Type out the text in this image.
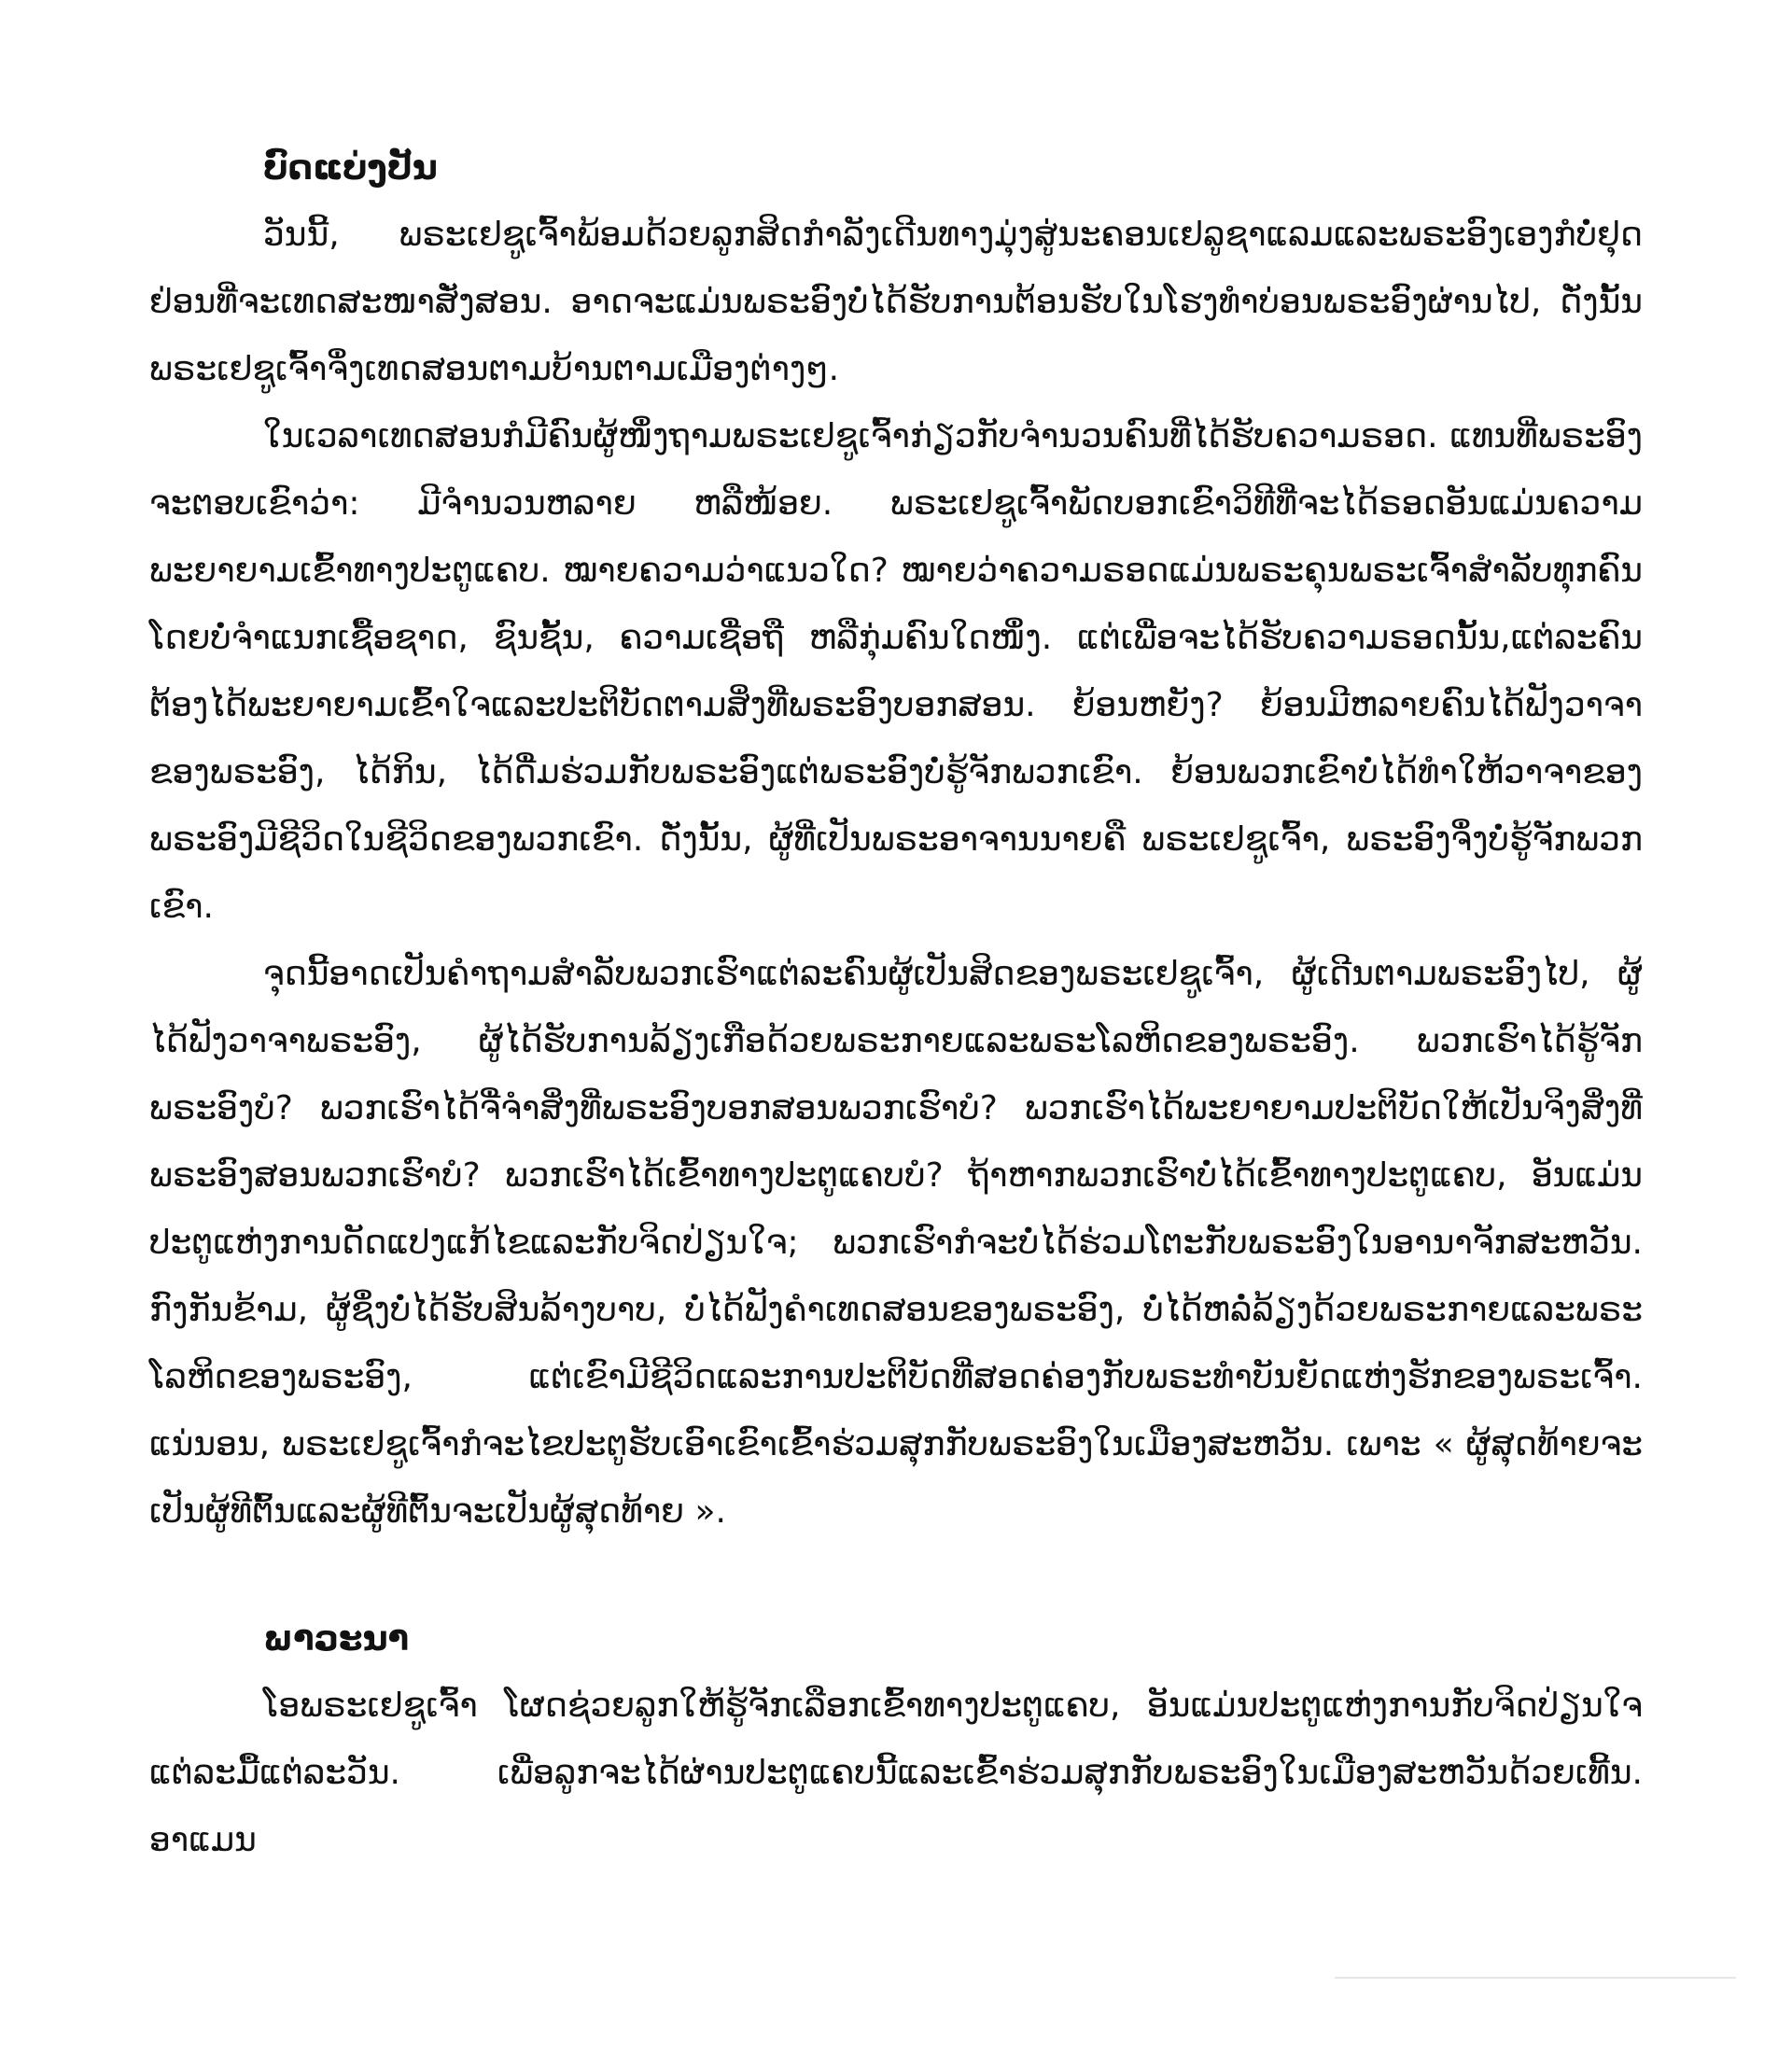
ບົດແບ່ງປັນ

ວັນນີ້, ພຣະເຢຊູເຈົ້າພ້ອມດ້ວຍລູກສິດກຳລັງເດີນທາງມຸ່ງສູ່ນະຄອນເຢລູຊາແລມແລະພຣະອົງເອງກໍບໍ່ຢຸດຢ່ອນທີ່ຈະເທດສະໜາສັ່ງສອນ. ອາດຈະແມ່ນພຣະອົງບໍ່ໄດ້ຮັບການຕ້ອນຮັບໃນໂຮງທຳບ່ອນພຣະອົງຜ່ານໄປ, ດັ່ງນັ້ນພຣະເຢຊູເຈົ້າຈຶ່ງເທດສອນຕາມບ້ານຕາມເມືອງຕ່າງໆ.

ໃນເວລາເທດສອນກໍມີຄົນຜູ້ໜຶ່ງຖາມພຣະເຢຊູເຈົ້າກ່ຽວກັບຈຳນວນຄົນທີ່ໄດ້ຮັບຄວາມຣອດ. ແທນທີ່ພຣະອົງຈະຕອບເຂົາວ່າ: ມີຈຳນວນຫລາຍ ຫລືໜ້ອຍ. ພຣະເຢຊູເຈົ້າພັດບອກເຂົາວິທີທີ່ຈະໄດ້ຣອດອັນແມ່ນຄວາມພະຍາຍາມເຂົ້າທາງປະຕູແຄບ. ໝາຍຄວາມວ່າແນວໃດ? ໝາຍວ່າຄວາມຣອດແມ່ນພຣະຄຸນພຣະເຈົ້າສຳລັບທຸກຄົນໂດຍບໍ່ຈຳແນກເຊື້ອຊາດ, ຊົນຊັ້ນ, ຄວາມເຊື່ອຖື ຫລືກຸ່ມຄົນໃດໜຶ່ງ. ແຕ່ເພື່ອຈະໄດ້ຮັບຄວາມຣອດນັ້ນ,ແຕ່ລະຄົນຕ້ອງໄດ້ພະຍາຍາມເຂົ້າໃຈແລະປະຕິບັດຕາມສິ່ງທີ່ພຣະອົງບອກສອນ. ຍ້ອນຫຍັງ? ຍ້ອນມີຫລາຍຄົນໄດ້ຟັງວາຈາຂອງພຣະອົງ, ໄດ້ກິນ, ໄດ້ດື່ມຮ່ວມກັບພຣະອົງແຕ່ພຣະອົງບໍ່ຮູ້ຈັກພວກເຂົາ. ຍ້ອນພວກເຂົາບໍ່ໄດ້ທຳໃຫ້ວາຈາຂອງພຣະອົງມີຊີວິດໃນຊີວິດຂອງພວກເຂົາ. ດັ່ງນັ້ນ, ຜູ້ທີ່ເປັນພຣະອາຈານນາຍຄື ພຣະເຢຊູເຈົ້າ, ພຣະອົງຈຶ່ງບໍ່ຮູ້ຈັກພວກເຂົາ.

ຈຸດນີ້ອາດເປັນຄຳຖາມສຳລັບພວກເຮົາແຕ່ລະຄົນຜູ້ເປັນສິດຂອງພຣະເຢຊູເຈົ້າ, ຜູ້ເດີນຕາມພຣະອົງໄປ, ຜູ້ໄດ້ຟັງວາຈາພຣະອົງ, ຜູ້ໄດ້ຮັບການລ້ຽງເກືອດ້ວຍພຣະກາຍແລະພຣະໂລຫິດຂອງພຣະອົງ. ພວກເຮົາໄດ້ຮູ້ຈັກພຣະອົງບໍ? ພວກເຮົາໄດ້ຈື່ຈຳສິ່ງທີ່ພຣະອົງບອກສອນພວກເຮົາບໍ? ພວກເຮົາໄດ້ພະຍາຍາມປະຕິບັດໃຫ້ເປັນຈິງສິ່ງທີ່ພຣະອົງສອນພວກເຮົາບໍ? ພວກເຮົາໄດ້ເຂົ້າທາງປະຕູແຄບບໍ? ຖ້າຫາກພວກເຮົາບໍ່ໄດ້ເຂົ້າທາງປະຕູແຄບ, ອັນແມ່ນປະຕູແຫ່ງການດັດແປງແກ້ໄຂແລະກັບຈິດປ່ຽນໃຈ; ພວກເຮົາກໍຈະບໍ່ໄດ້ຮ່ວມໂຕະກັບພຣະອົງໃນອານາຈັກສະຫວັນ. ກົງກັນຂ້າມ, ຜູ້ຊຶ່ງບໍ່ໄດ້ຮັບສິນລ້າງບາບ, ບໍ່ໄດ້ຟັງຄຳເທດສອນຂອງພຣະອົງ, ບໍ່ໄດ້ຫລໍ່ລ້ຽງດ້ວຍພຣະກາຍແລະພຣະໂລຫິດຂອງພຣະອົງ, ແຕ່ເຂົາມີຊີວິດແລະການປະຕິບັດທີ່ສອດຄ່ອງກັບພຣະທຳບັນຍັດແຫ່ງຮັກຂອງພຣະເຈົ້າ. ແນ່ນອນ, ພຣະເຢຊູເຈົ້າກໍຈະໄຂປະຕູຮັບເອົາເຂົາເຂົ້າຮ່ວມສຸກກັບພຣະອົງໃນເມືອງສະຫວັນ. ເພາະ « ຜູ້ສຸດທ້າຍຈະເປັນຜູ້ທີຕົ້ນແລະຜູ້ທີຕົ້ນຈະເປັນຜູ້ສຸດທ້າຍ ».

ພາວະນາ

ໂອພຣະເຢຊູເຈົ້າ ໂຜດຊ່ວຍລູກໃຫ້ຮູ້ຈັກເລືອກເຂົ້າທາງປະຕູແຄບ, ອັນແມ່ນປະຕູແຫ່ງການກັບຈິດປ່ຽນໃຈແຕ່ລະມື້ແຕ່ລະວັນ. ເພື່ອລູກຈະໄດ້ຜ່ານປະຕູແຄບນີ້ແລະເຂົ້າຮ່ວມສຸກກັບພຣະອົງໃນເມືອງສະຫວັນດ້ວຍເທີ້ນ. ອາແມນ
